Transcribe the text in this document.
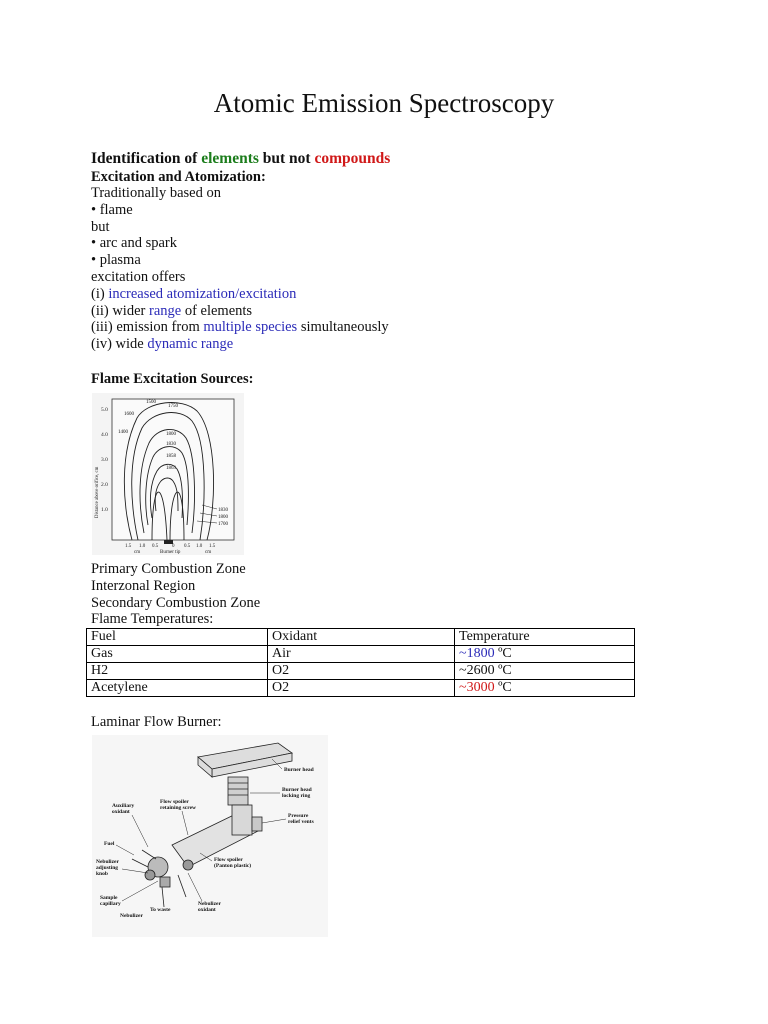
Atomic Emission Spectroscopy
Identification of elements but not compounds
Excitation and Atomization:
Traditionally based on
• flame
but
• arc and spark
• plasma
excitation offers
(i) increased atomization/excitation
(ii) wider range of elements
(iii) emission from multiple species simultaneously
(iv) wide dynamic range
Flame Excitation Sources:
5.0
4.0
3.0
2.0
1.0
Distance above orifice, cm
1500
1750
1600
1400	1800
1830
1858
1863
1830
1800
1700
1.5 1.0 0.5	0 0.5 1.0 1.5
cm	cm
Burner tip
Primary Combustion Zone
Interzonal Region
Secondary Combustion Zone
Flame Temperatures:
Fuel	Oxidant	Temperature
Gas	Air	~1800 ºC
H2	O2	~2600 ºC
Acetylene	O2	~3000 ºC
Laminar Flow Burner:
Burner head
Burner head
locking ring
Pressure
relief vents
Auxiliary
oxidant
Flow spoiler
retaining screw
Fuel
Nebulizer
adjusting
knob
Flow spoiler
(Panton plastic)
Sample
capillary
To waste
Nebulizer
oxidant
Nebulizer
